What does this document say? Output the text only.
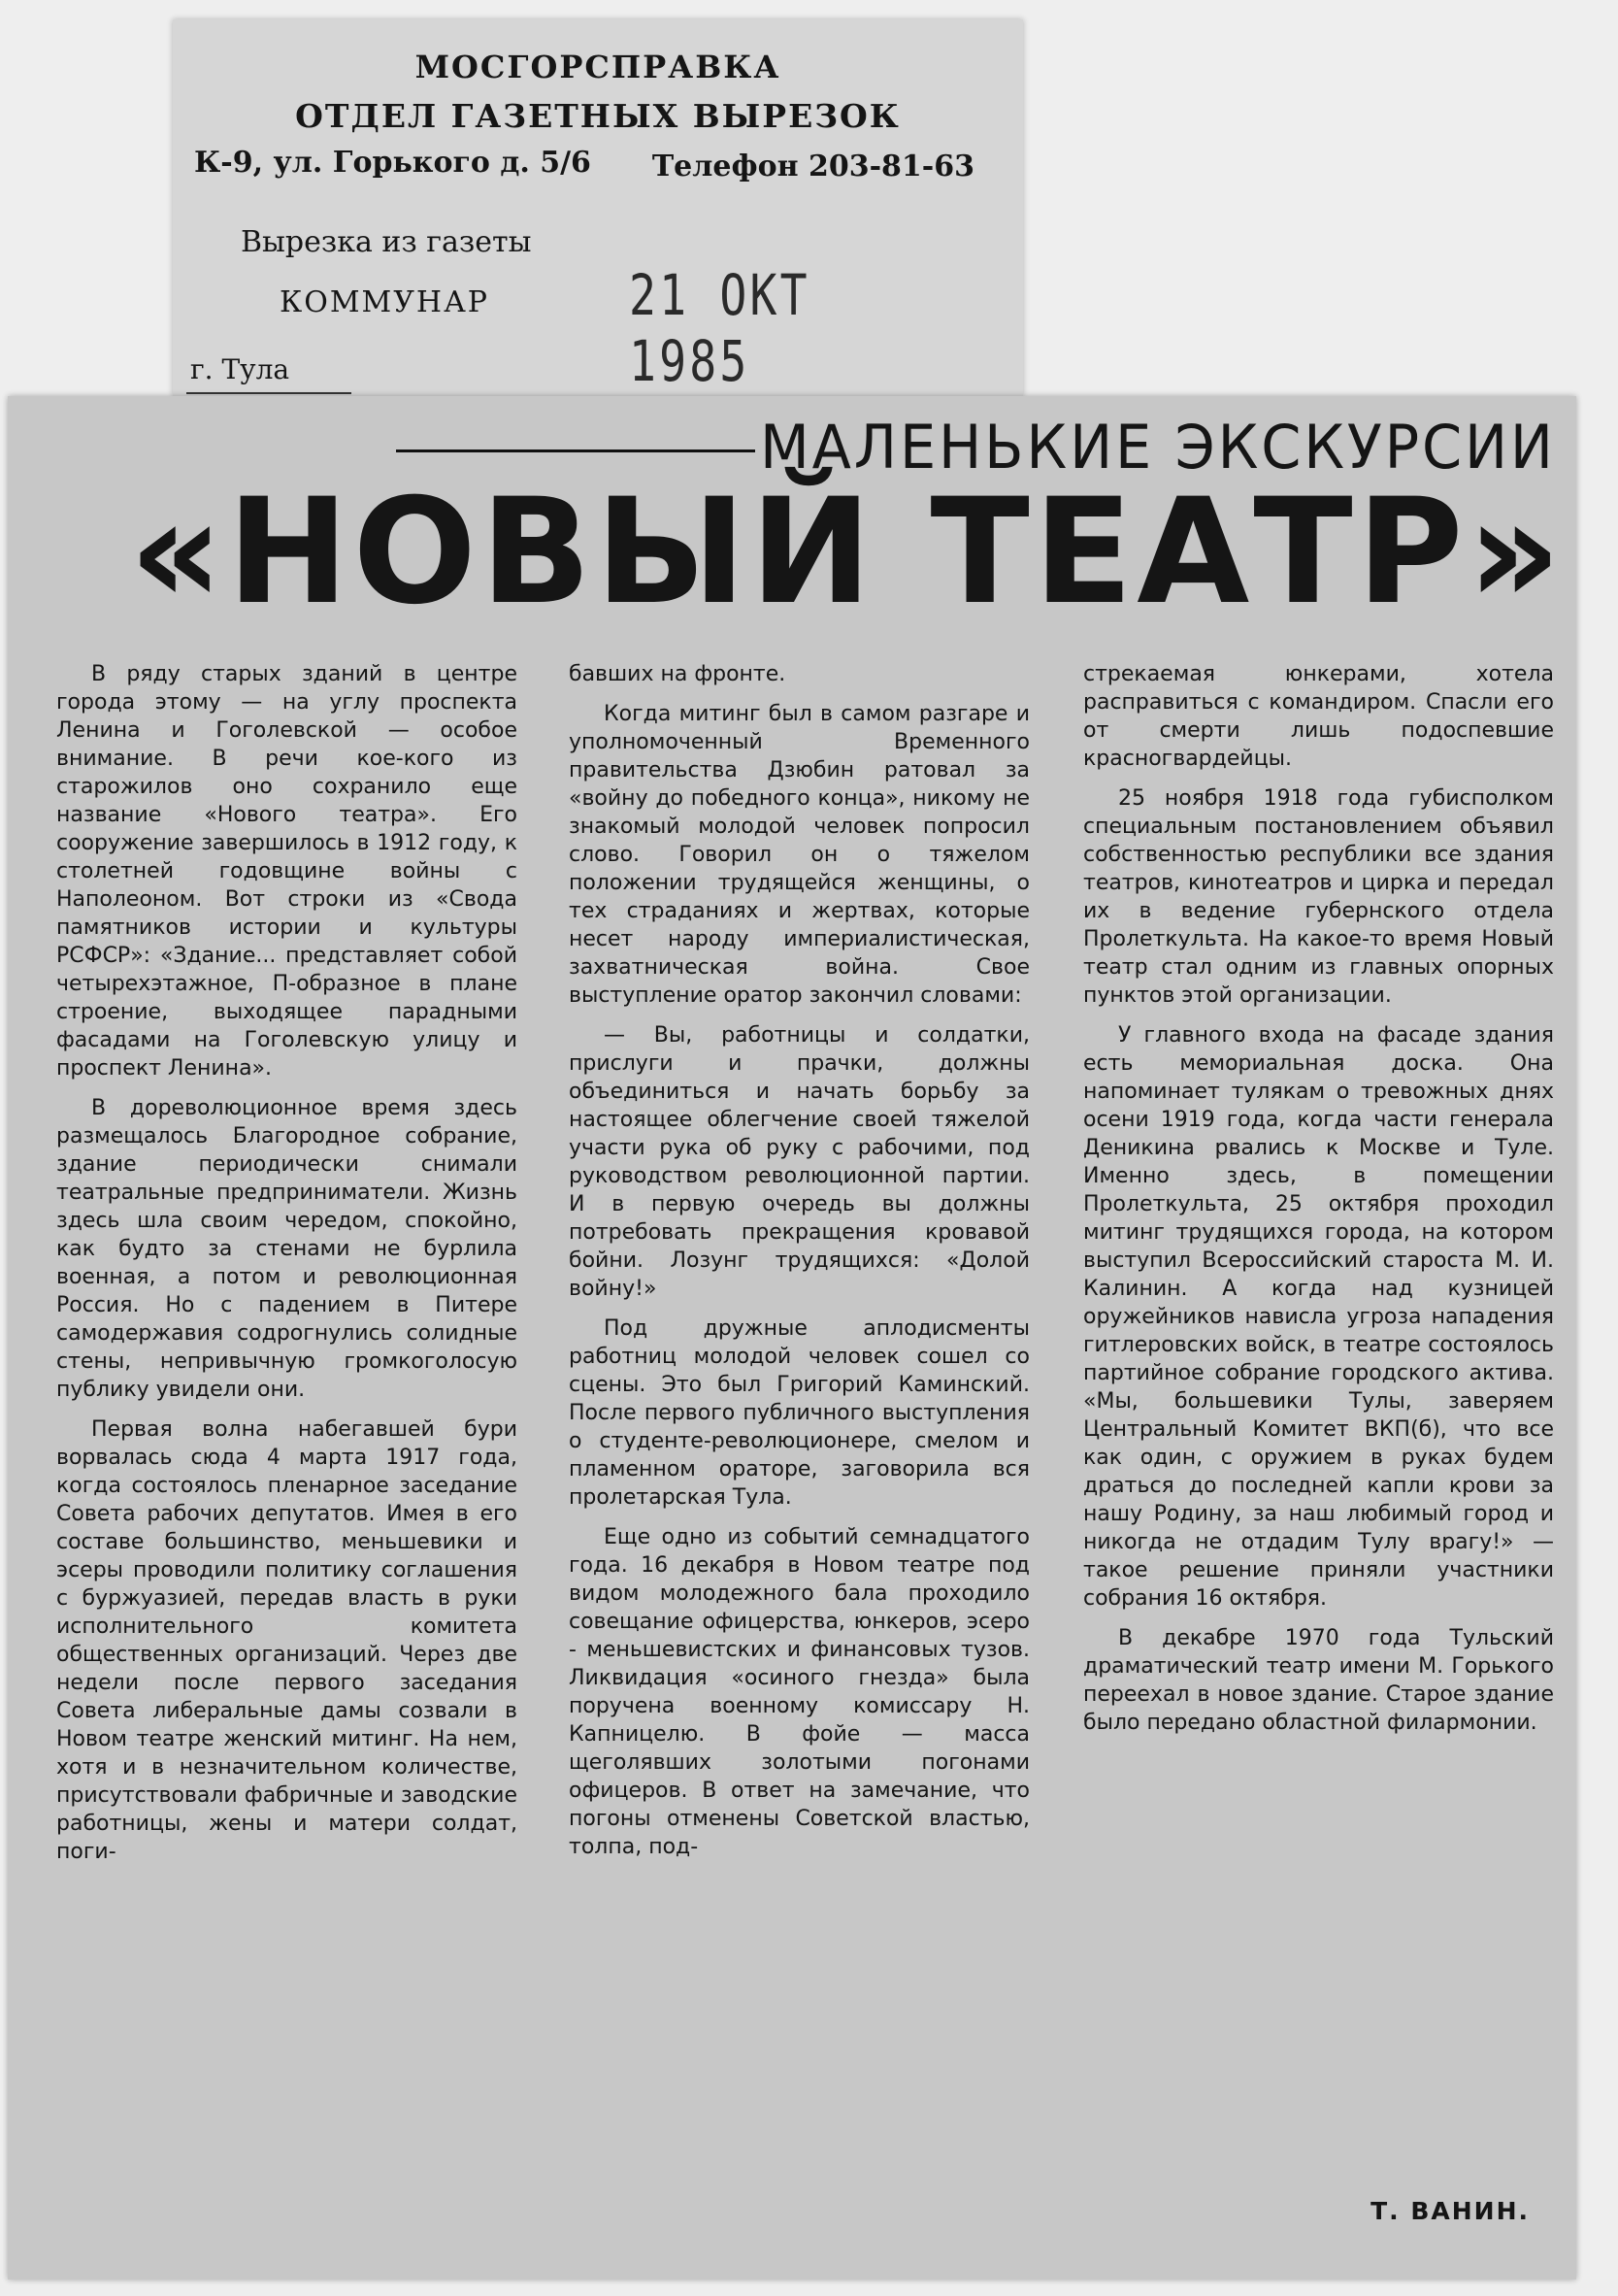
МОСГОРСПРАВКА
ОТДЕЛ ГАЗЕТНЫХ ВЫРЕЗОК
К-9, ул. Горького д. 5/6 Телефон 203-81-63
Вырезка из газеты
КОММУНАР 21 ОКТ 1985
г. Тула
МАЛЕНЬКИЕ ЭКСКУРСИИ
«НОВЫЙ ТЕАТР»

В ряду старых зданий в центре города этому — на углу проспекта Ленина и Гоголевской — особое внимание. В речи кое-кого из старожилов оно сохранило еще название «Нового театра». Его сооружение завершилось в 1912 году, к столетней годовщине войны с Наполеоном. Вот строки из «Свода памятников истории и культуры РСФСР»: «Здание... представляет собой четырехэтажное, П-образное в плане строение, выходящее парадными фасадами на Гоголевскую улицу и проспект Ленина».

В дореволюционное время здесь размещалось Благородное собрание, здание периодически снимали театральные предприниматели. Жизнь здесь шла своим чередом, спокойно, как будто за стенами не бурлила военная, а потом и революционная Россия. Но с падением в Питере самодержавия содрогнулись солидные стены, непривычную громкоголосую публику увидели они.

Первая волна набегавшей бури ворвалась сюда 4 марта 1917 года, когда состоялось пленарное заседание Совета рабочих депутатов. Имея в его составе большинство, меньшевики и эсеры проводили политику соглашения с буржуазией, передав власть в руки исполнительного комитета общественных организаций. Через две недели после первого заседания Совета либеральные дамы созвали в Новом театре женский митинг. На нем, хотя и в незначительном количестве, присутствовали фабричные и заводские работницы, жены и матери солдат, поги-

бавших на фронте.

Когда митинг был в самом разгаре и уполномоченный Временного правительства Дзюбин ратовал за «войну до победного конца», никому не знакомый молодой человек попросил слово. Говорил он о тяжелом положении трудящейся женщины, о тех страданиях и жертвах, которые несет народу империалистическая, захватническая война. Свое выступление оратор закончил словами:

— Вы, работницы и солдатки, прислуги и прачки, должны объединиться и начать борьбу за настоящее облегчение своей тяжелой участи рука об руку с рабочими, под руководством революционной партии. И в первую очередь вы должны потребовать прекращения кровавой бойни. Лозунг трудящихся: «Долой войну!»

Под дружные аплодисменты работниц молодой человек сошел со сцены. Это был Григорий Каминский. После первого публичного выступления о студенте-революционере, смелом и пламенном ораторе, заговорила вся пролетарская Тула.

Еще одно из событий семнадцатого года. 16 декабря в Новом театре под видом молодежного бала проходило совещание офицерства, юнкеров, эсеро - меньшевистских и финансовых тузов. Ликвидация «осиного гнезда» была поручена военному комиссару Н. Капницелю. В фойе — масса щеголявших золотыми погонами офицеров. В ответ на замечание, что погоны отменены Советской властью, толпа, под-

стрекаемая юнкерами, хотела расправиться с командиром. Спасли его от смерти лишь подоспевшие красногвардейцы.

25 ноября 1918 года губисполком специальным постановлением объявил собственностью республики все здания театров, кинотеатров и цирка и передал их в ведение губернского отдела Пролеткульта. На какое-то время Новый театр стал одним из главных опорных пунктов этой организации.

У главного входа на фасаде здания есть мемориальная доска. Она напоминает тулякам о тревожных днях осени 1919 года, когда части генерала Деникина рвались к Москве и Туле. Именно здесь, в помещении Пролеткульта, 25 октября проходил митинг трудящихся города, на котором выступил Всероссийский староста М. И. Калинин. А когда над кузницей оружейников нависла угроза нападения гитлеровских войск, в театре состоялось партийное собрание городского актива. «Мы, большевики Тулы, заверяем Центральный Комитет ВКП(б), что все как один, с оружием в руках будем драться до последней капли крови за нашу Родину, за наш любимый город и никогда не отдадим Тулу врагу!» — такое решение приняли участники собрания 16 октября.

В декабре 1970 года Тульский драматический театр имени М. Горького переехал в новое здание. Старое здание было передано областной филармонии.

Т. ВАНИН.
